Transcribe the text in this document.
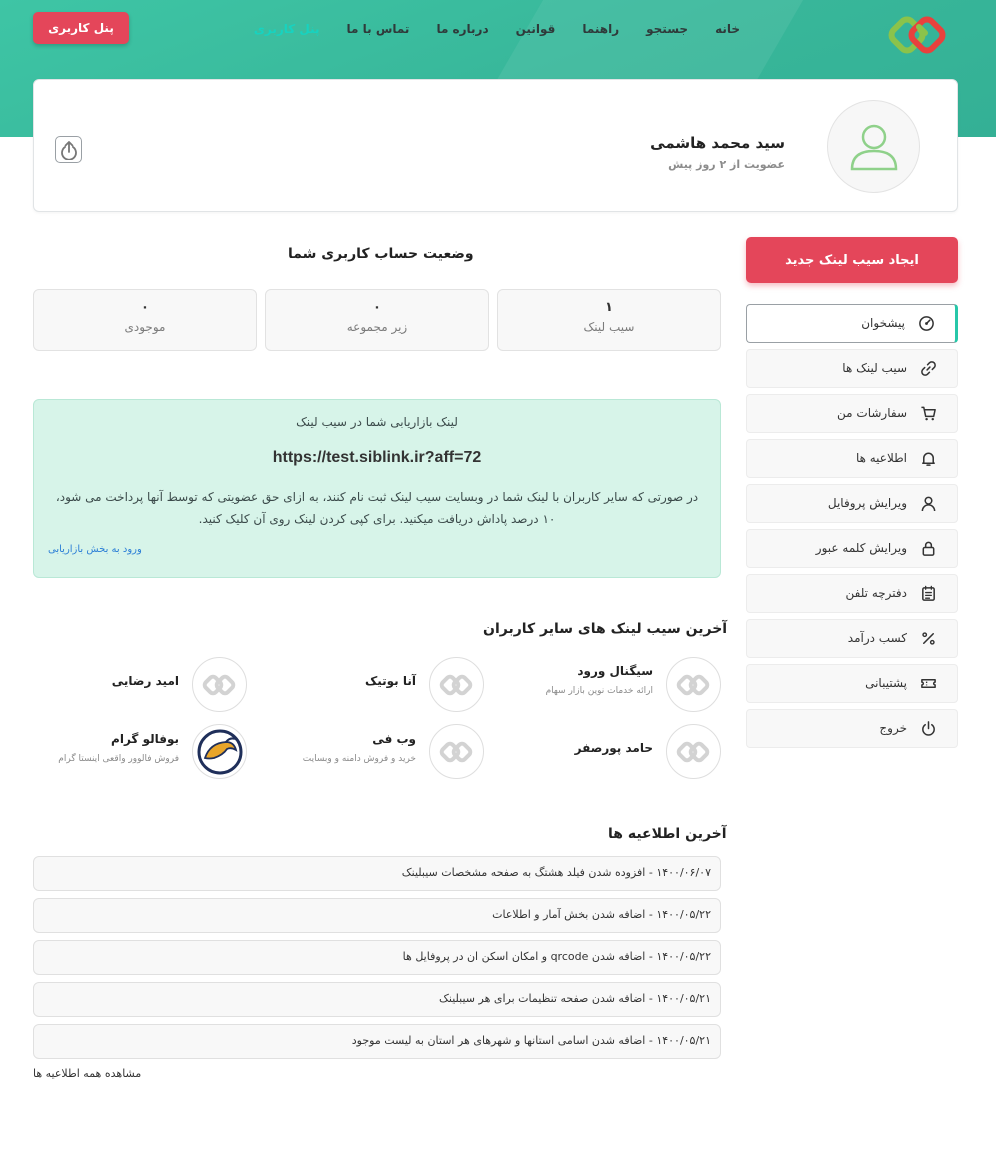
خانه
جستجو
راهنما
قوانین
درباره ما
تماس با ما
پنل کاربری
پنل کاربری
سید محمد هاشمی
عضویت از ۲ روز پیش
ایجاد سیب لینک جدید
پیشخوان
سیب لینک ها
سفارشات من
اطلاعیه ها
ویرایش پروفایل
ویرایش کلمه عبور
دفترچه تلفن
کسب درآمد
پشتیبانی
خروج
وضعیت حساب کاربری شما
۱
سیب لینک
۰
زیر مجموعه
۰
موجودی
لینک بازاریابی شما در سیب لینک
https://test.siblink.ir?aff=72
در صورتی که سایر کاربران با لینک شما در وبسایت سیب لینک ثبت نام کنند، به ازای حق عضویتی که توسط آنها پرداخت می شود، ۱۰ درصد پاداش دریافت میکنید. برای کپی کردن لینک روی آن کلیک کنید.
ورود به بخش بازاریابی
آخرین سیب لینک های سایر کاربران
سیگنال ورود
ارائه خدمات نوین بازار سهام
آنا بوتیک
امید رضایی
حامد پورصفر
وب فی
خرید و فروش دامنه و وبسایت
بوفالو گرام
فروش فالوور واقعی اینستا گرام
آخرین اطلاعیه ها
۱۴۰۰/۰۶/۰۷ - افزوده شدن فیلد هشتگ به صفحه مشخصات سیبلینک
۱۴۰۰/۰۵/۲۲ - اضافه شدن بخش آمار و اطلاعات
۱۴۰۰/۰۵/۲۲ - اضافه شدن qrcode و امکان اسکن ان در پروفایل ها
۱۴۰۰/۰۵/۲۱ - اضافه شدن صفحه تنظیمات برای هر سیبلینک
۱۴۰۰/۰۵/۲۱ - اضافه شدن اسامی استانها و شهرهای هر استان به لیست موجود
مشاهده همه اطلاعیه ها
